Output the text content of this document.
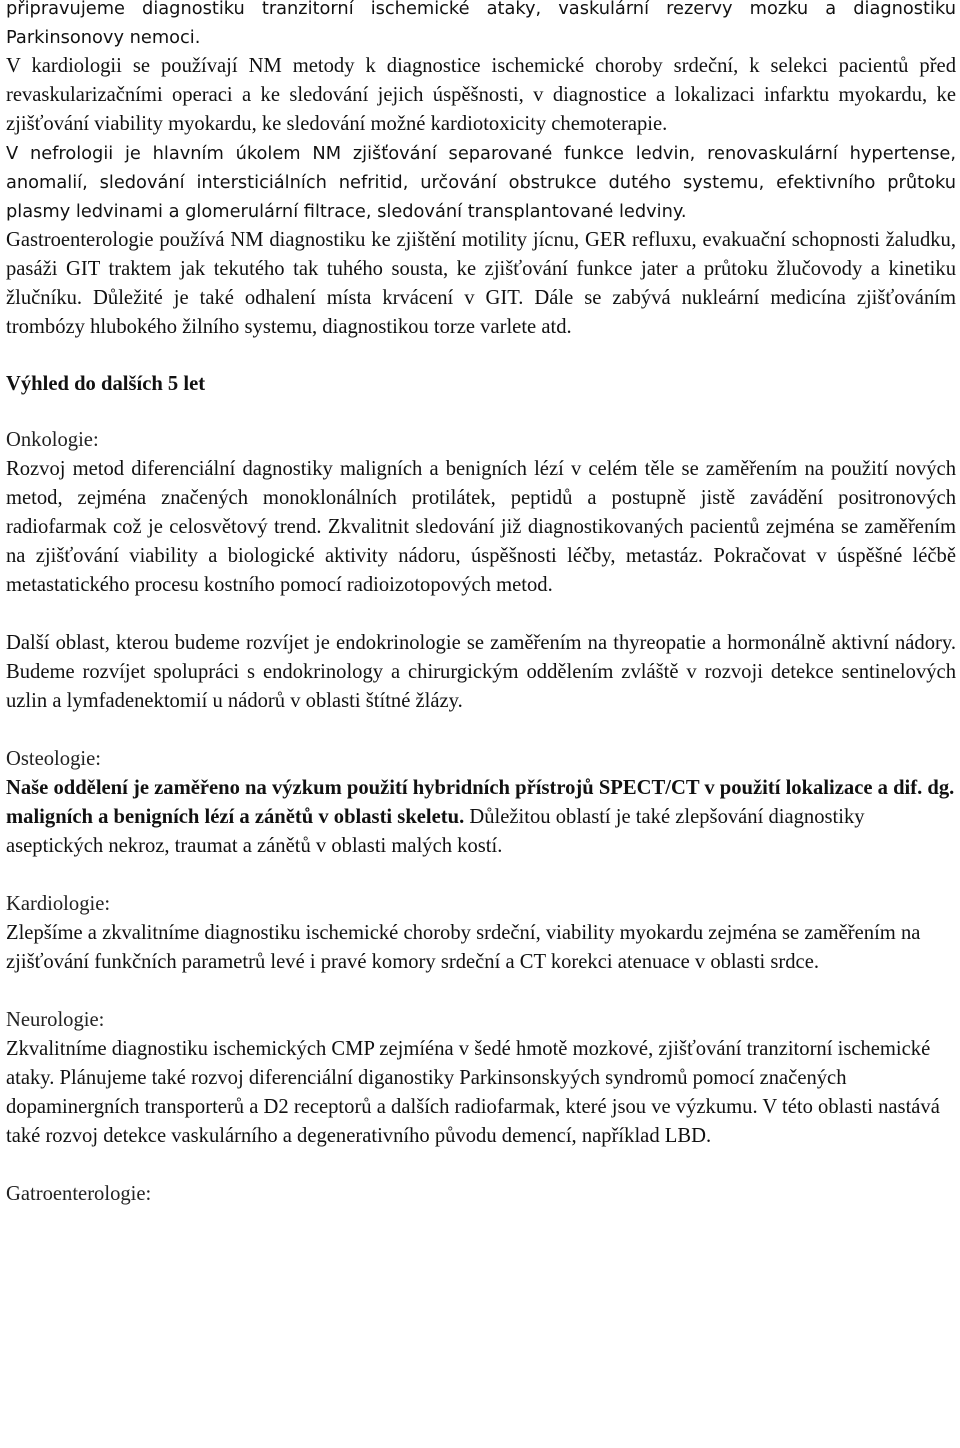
připravujeme diagnostiku tranzitorní ischemické ataky, vaskulární rezervy mozku a diagnostiku Parkinsonovy nemoci.

V kardiologii se používají NM metody k diagnostice ischemické choroby srdeční, k selekci pacientů před revaskularizačními operaci a ke sledování jejich úspěšnosti, v diagnostice a lokalizaci infarktu myokardu, ke zjišťování viability myokardu, ke sledování možné kardiotoxicity chemoterapie.

V nefrologii je hlavním úkolem NM zjišťování separované funkce ledvin, renovaskulární hypertense, anomalií, sledování intersticiálních nefritid, určování obstrukce dutého systemu, efektivního průtoku plasmy ledvinami a glomerulární filtrace, sledování transplantované ledviny.

Gastroenterologie používá NM diagnostiku ke zjištění motility jícnu, GER refluxu, evakuační schopnosti žaludku, pasáži GIT traktem jak tekutého tak tuhého sousta, ke zjišťování funkce jater a průtoku žlučovody a kinetiku žlučníku. Důležité je také odhalení místa krvácení v GIT. Dále se zabývá nukleární medicína zjišťováním trombózy hlubokého žilního systemu, diagnostikou torze varlete atd.

Výhled do dalších 5 let

Onkologie:

Rozvoj metod diferenciální dagnostiky maligních a benigních lézí v celém těle se zaměřením na použití nových metod, zejména značených monoklonálních protilátek, peptidů a postupně jistě zavádění positronových radiofarmak což je celosvětový trend. Zkvalitnit sledování již diagnostikovaných pacientů zejména se zaměřením na zjišťování viability a biologické aktivity nádoru, úspěšnosti léčby, metastáz. Pokračovat v úspěšné léčbě metastatického procesu kostního pomocí radioizotopových metod.

Další oblast, kterou budeme rozvíjet je endokrinologie se zaměřením na thyreopatie a hormonálně aktivní nádory. Budeme rozvíjet spolupráci s endokrinology a chirurgickým oddělením zvláště v rozvoji detekce sentinelových uzlin a lymfadenektomií u nádorů v oblasti štítné žlázy.

Osteologie:

Naše oddělení je zaměřeno na výzkum použití hybridních přístrojů SPECT/CT v použití lokalizace a dif. dg. maligních a benigních lézí a zánětů v oblasti skeletu. Důležitou oblastí je také zlepšování diagnostiky aseptických nekroz, traumat a zánětů v oblasti malých kostí.

Kardiologie:

Zlepšíme a zkvalitníme diagnostiku ischemické choroby srdeční, viability myokardu zejména se zaměřením na zjišťování funkčních parametrů levé i pravé komory srdeční a CT korekci atenuace v oblasti srdce.

Neurologie:

Zkvalitníme diagnostiku ischemických CMP zejmíéna v šedé hmotě mozkové, zjišťování tranzitorní ischemické ataky. Plánujeme také rozvoj diferenciální diganostiky Parkinsonskyých syndromů pomocí značených dopaminergních transporterů a D2 receptorů a dalších radiofarmak, které jsou ve výzkumu. V této oblasti nastává také rozvoj detekce vaskulárního a degenerativního původu demencí, například LBD.

Gatroenterologie:
